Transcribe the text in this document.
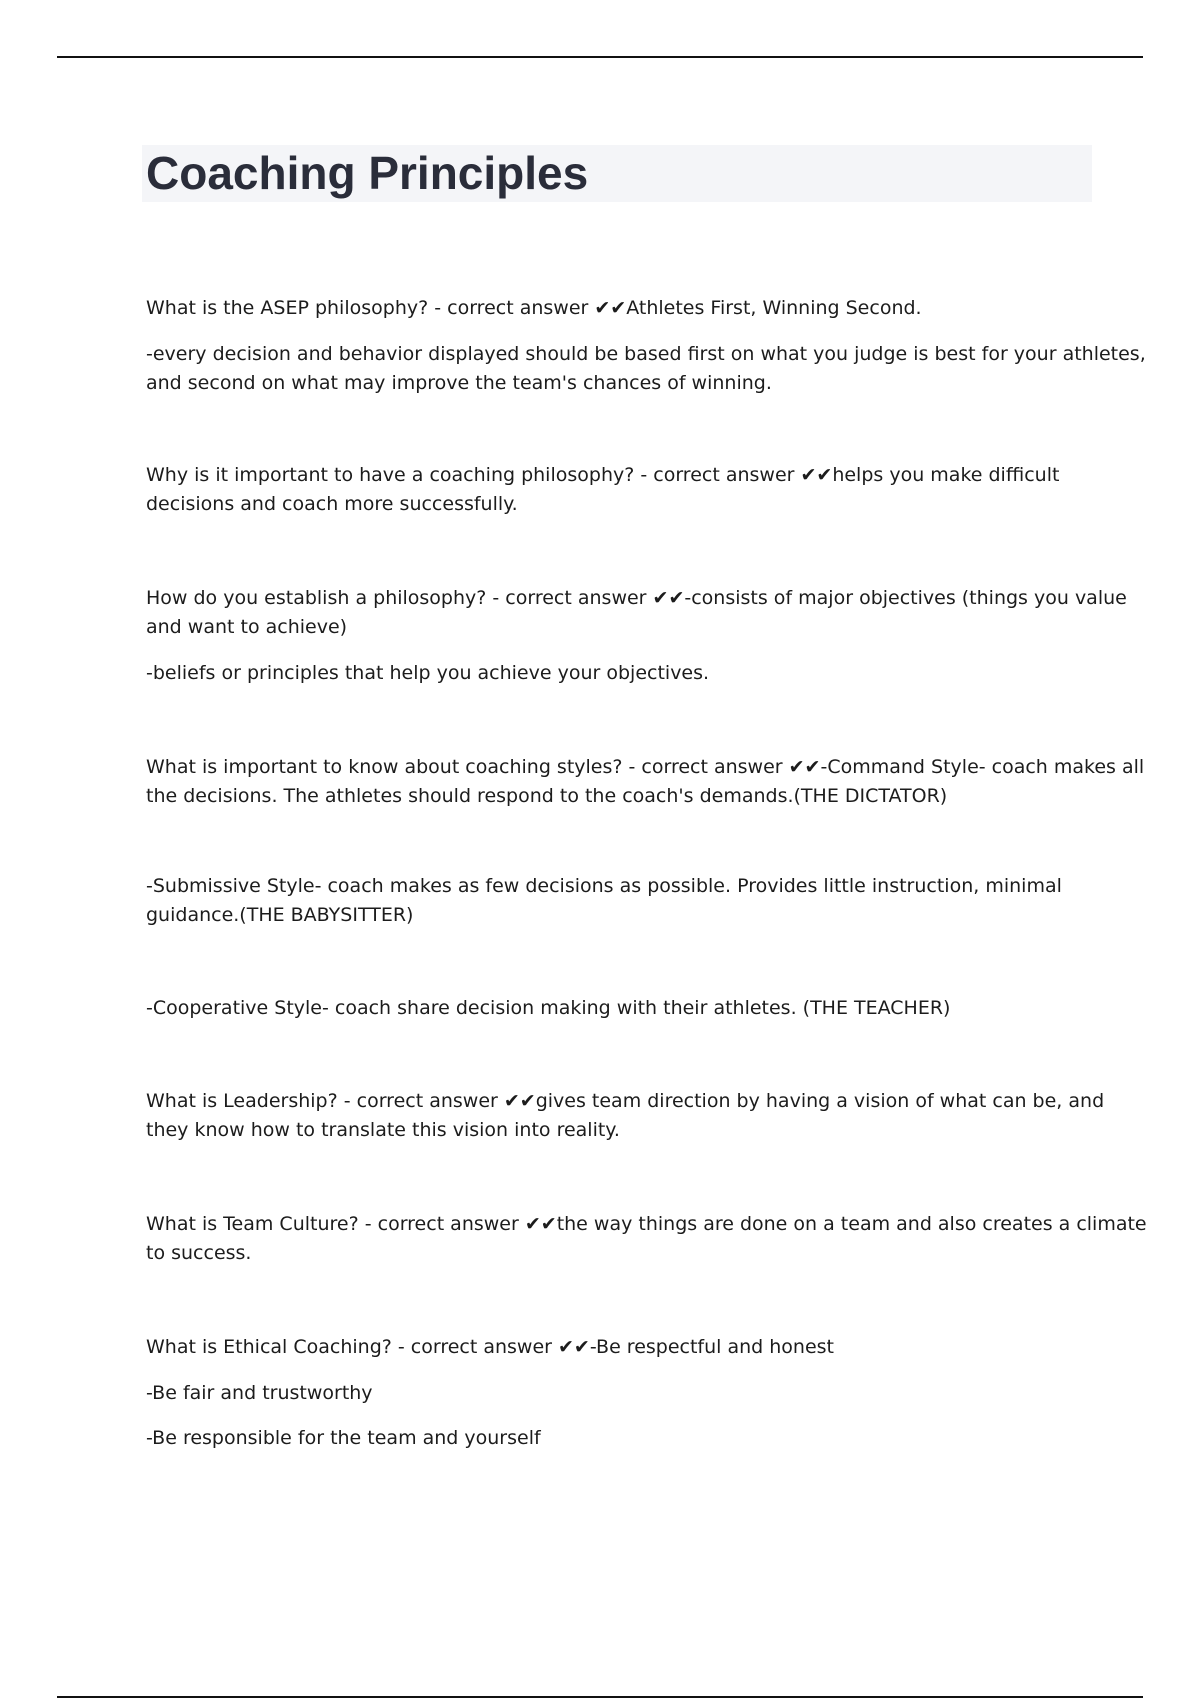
Coaching Principles

What is the ASEP philosophy? - correct answer ✔✔Athletes First, Winning Second.

-every decision and behavior displayed should be based first on what you judge is best for your athletes,
and second on what may improve the team's chances of winning.

Why is it important to have a coaching philosophy? - correct answer ✔✔helps you make difficult
decisions and coach more successfully.

How do you establish a philosophy? - correct answer ✔✔-consists of major objectives (things you value
and want to achieve)

-beliefs or principles that help you achieve your objectives.

What is important to know about coaching styles? - correct answer ✔✔-Command Style- coach makes all
the decisions. The athletes should respond to the coach's demands.(THE DICTATOR)

-Submissive Style- coach makes as few decisions as possible. Provides little instruction, minimal
guidance.(THE BABYSITTER)

-Cooperative Style- coach share decision making with their athletes. (THE TEACHER)

What is Leadership? - correct answer ✔✔gives team direction by having a vision of what can be, and
they know how to translate this vision into reality.

What is Team Culture? - correct answer ✔✔the way things are done on a team and also creates a climate
to success.

What is Ethical Coaching? - correct answer ✔✔-Be respectful and honest

-Be fair and trustworthy

-Be responsible for the team and yourself
